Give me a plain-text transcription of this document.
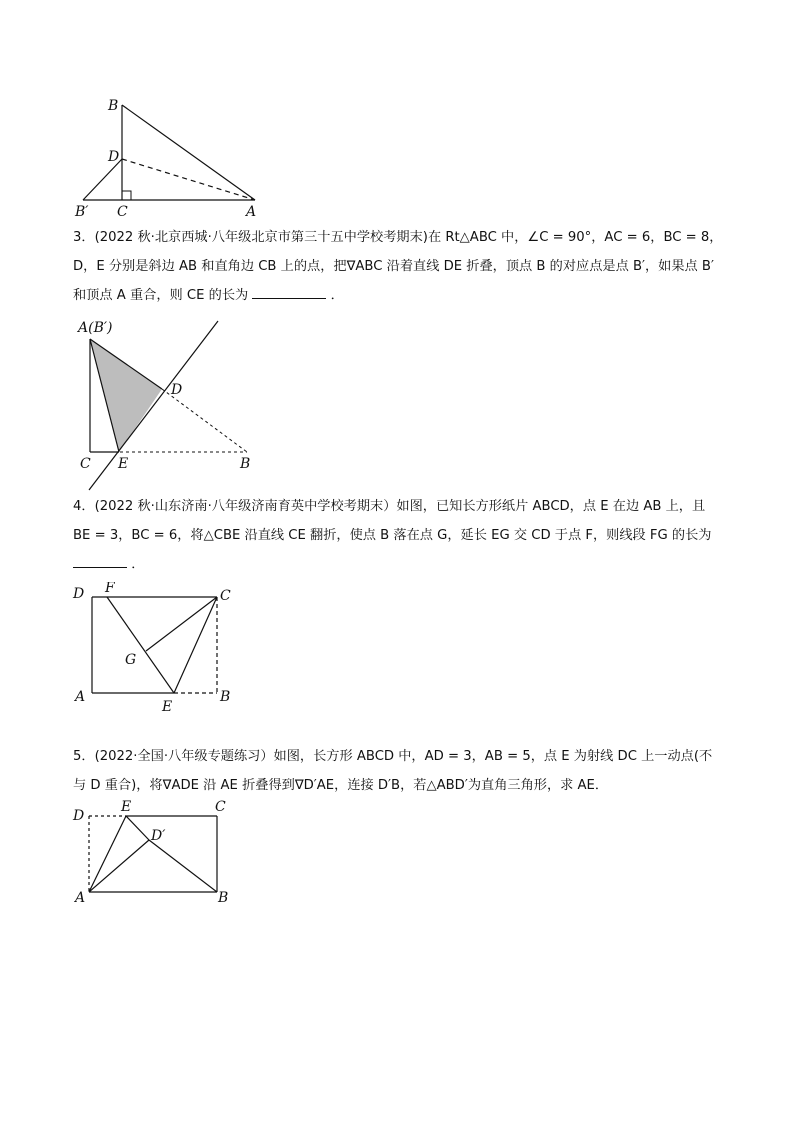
B
D
B′ C	A
3．(2022 秋·北京西城·八年级北京市第三十五中学校考期末)在 Rt△ABC 中，∠C = 90°，AC = 6，BC = 8，
D，E 分别是斜边 AB 和直角边 CB 上的点，把∇ABC 沿着直线 DE 折叠，顶点 B 的对应点是点 B′，如果点 B′
和顶点 A 重合，则 CE 的长为	．
A(B′)
D
C E	B
4．(2022 秋·山东济南·八年级济南育英中学校考期末）如图，已知长方形纸片 ABCD，点 E 在边 AB 上，且
BE = 3，BC = 6，将△CBE 沿直线 CE 翻折，使点 B 落在点 G，延长 EG 交 CD 于点 F，则线段 FG 的长为
．
D F	C
G
A
E
B
5．(2022·全国·八年级专题练习）如图，长方形 ABCD 中，AD = 3，AB = 5，点 E 为射线 DC 上一动点(不
与 D 重合)，将∇ADE 沿 AE 折叠得到∇D′AE，连接 D′B，若△ABD′为直角三角形，求 AE．
D
E	C
D′
A	B
